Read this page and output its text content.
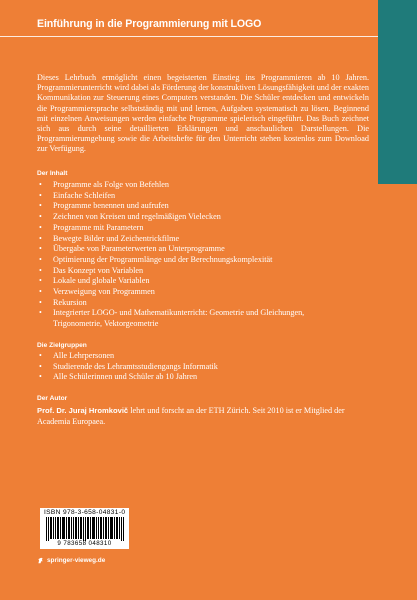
Einführung in die Programmierung mit LOGO
Dieses Lehrbuch ermöglicht einen begeisterten Einstieg ins Programmieren ab 10 Jahren. Programmierunterricht wird dabei als Förderung der konstruktiven Lösungsfähigkeit und der exakten Kommunikation zur Steuerung eines Computers verstanden. Die Schüler entdecken und entwickeln die Programmiersprache selbstständig mit und lernen, Aufgaben systematisch zu lösen. Beginnend mit einzelnen Anweisungen werden einfache Programme spielerisch eingeführt. Das Buch zeichnet sich aus durch seine detaillierten Erklärungen und anschaulichen Darstellungen. Die Programmierumgebung sowie die Arbeitshefte für den Unterricht stehen kostenlos zum Download zur Verfügung.
Der Inhalt
• Programme als Folge von Befehlen
• Einfache Schleifen
• Programme benennen und aufrufen
• Zeichnen von Kreisen und regelmäßigen Vielecken
• Programme mit Parametern
• Bewegte Bilder und Zeichentrickfilme
• Übergabe von Parameterwerten an Unterprogramme
• Optimierung der Programmlänge und der Berechnungskomplexität
• Das Konzept von Variablen
• Lokale und globale Variablen
• Verzweigung von Programmen
• Rekursion
• Integrierter LOGO- und Mathematikunterricht: Geometrie und Gleichungen,
Trigonometrie, Vektorgeometrie
Die Zielgruppen
• Alle Lehrpersonen
• Studierende des Lehramtsstudiengangs Informatik
• Alle Schülerinnen und Schüler ab 10 Jahren
Der Autor
Prof. Dr. Juraj Hromkovič lehrt und forscht an der ETH Zürich. Seit 2010 ist er Mitglied der Academia Europaea.
ISBN 978-3-658-04831-0
9 783658 048310
springer-vieweg.de
